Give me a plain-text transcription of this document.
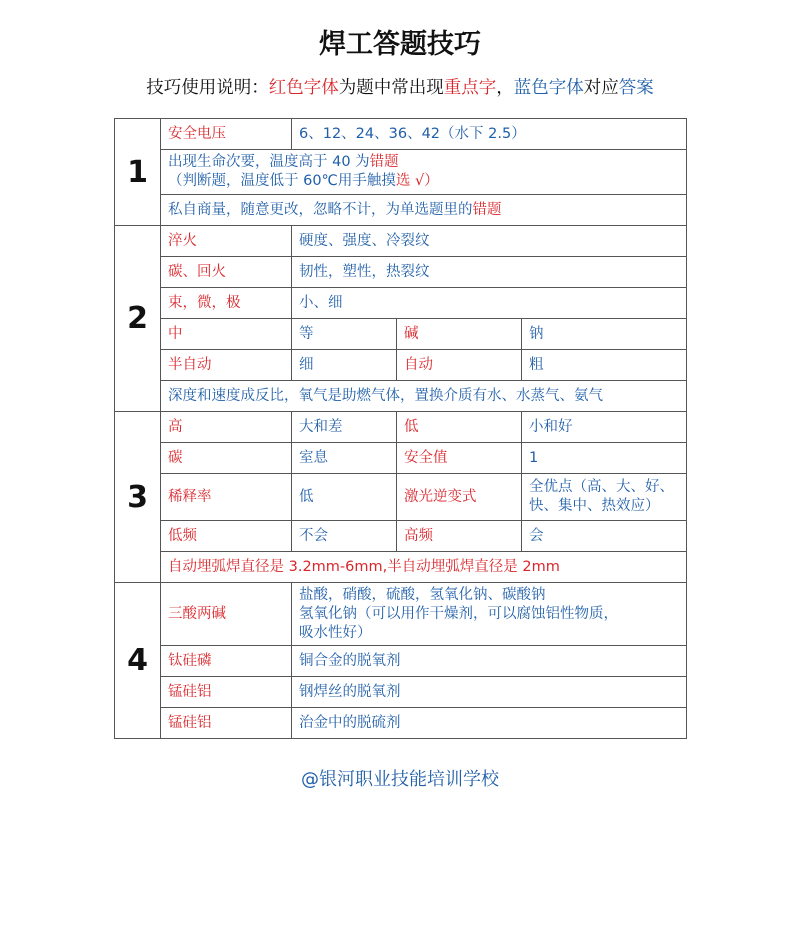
焊工答题技巧
技巧使用说明：红色字体为题中常出现重点字，蓝色字体对应答案
1	安全电压	6、12、24、36、42（水下 2.5）		
	出现生命次要，温度高于 40 为错题
（判断题，温度低于 60℃用手触摸选 √）			
	私自商量，随意更改，忽略不计，为单选题里的错题			
2	淬火	硬度、强度、冷裂纹		
	碳、回火	韧性，塑性，热裂纹		
	束，微，极	小、细		
	中	等	碱	钠
	半自动	细	自动	粗
	深度和速度成反比，氧气是助燃气体，置换介质有水、水蒸气、氨气			
3	高	大和差	低	小和好
	碳	室息	安全值	1
	稀释率	低	激光逆变式	全优点（高、大、好、快、集中、热效应）
	低频	不会	高频	会
	自动埋弧焊直径是 3.2mm-6mm,半自动埋弧焊直径是 2mm			
4	三酸两碱	盐酸，硝酸，硫酸，氢氧化钠、碳酸钠
氢氧化钠（可以用作干燥剂，可以腐蚀铝性物质，
吸水性好）		
	钛硅磷	铜合金的脱氧剂		
	锰硅铝	钢焊丝的脱氧剂		
	锰硅铝	治金中的脱硫剂		
@银河职业技能培训学校
